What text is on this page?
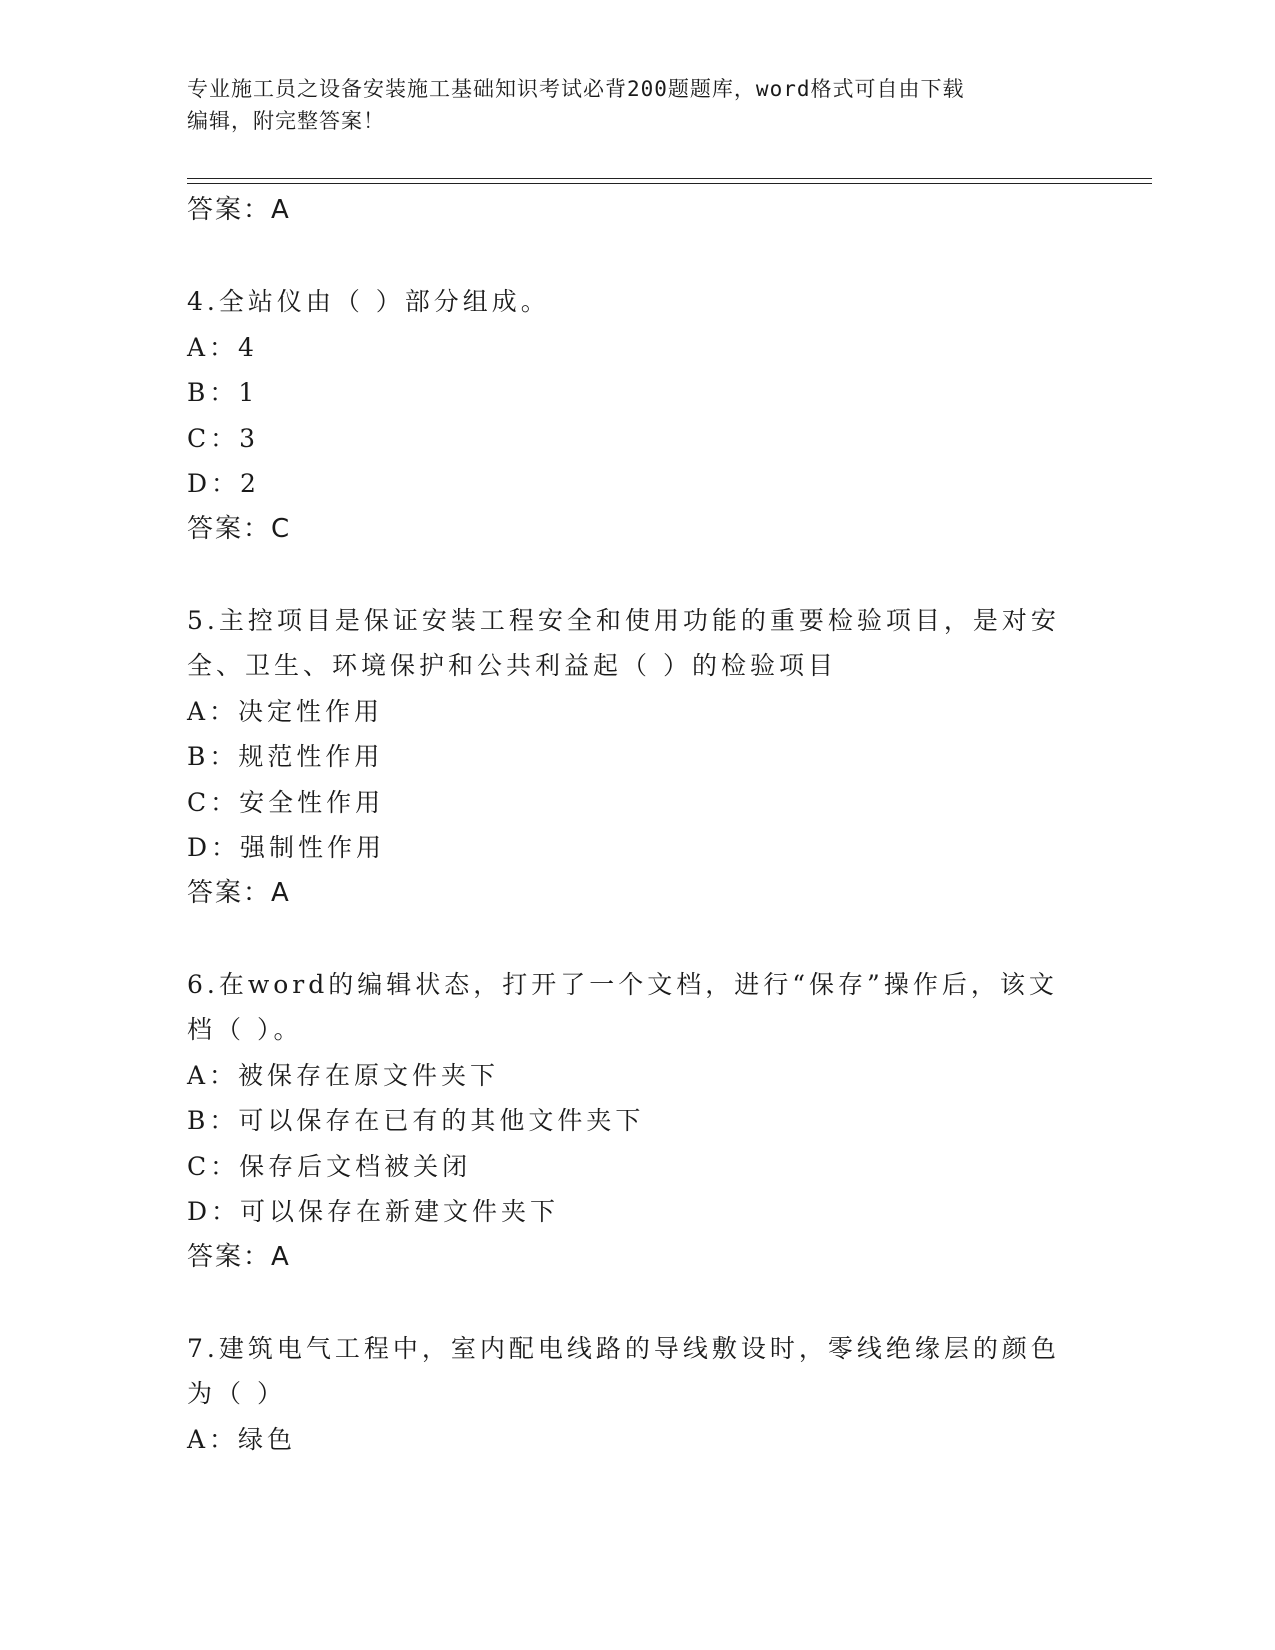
专业施工员之设备安装施工基础知识考试必背200题题库，word格式可自由下载
编辑，附完整答案！
答案：A
4.全站仪由（ ）部分组成。
A：4
B：1
C：3
D：2
答案：C
5.主控项目是保证安装工程安全和使用功能的重要检验项目，是对安
全、卫生、环境保护和公共利益起（ ）的检验项目
A：决定性作用
B：规范性作用
C：安全性作用
D：强制性作用
答案：A
6.在word的编辑状态，打开了一个文档，进行“保存”操作后，该文
档（ ）。
A：被保存在原文件夹下
B：可以保存在已有的其他文件夹下
C：保存后文档被关闭
D：可以保存在新建文件夹下
答案：A
7.建筑电气工程中，室内配电线路的导线敷设时，零线绝缘层的颜色
为（ ）
A：绿色
